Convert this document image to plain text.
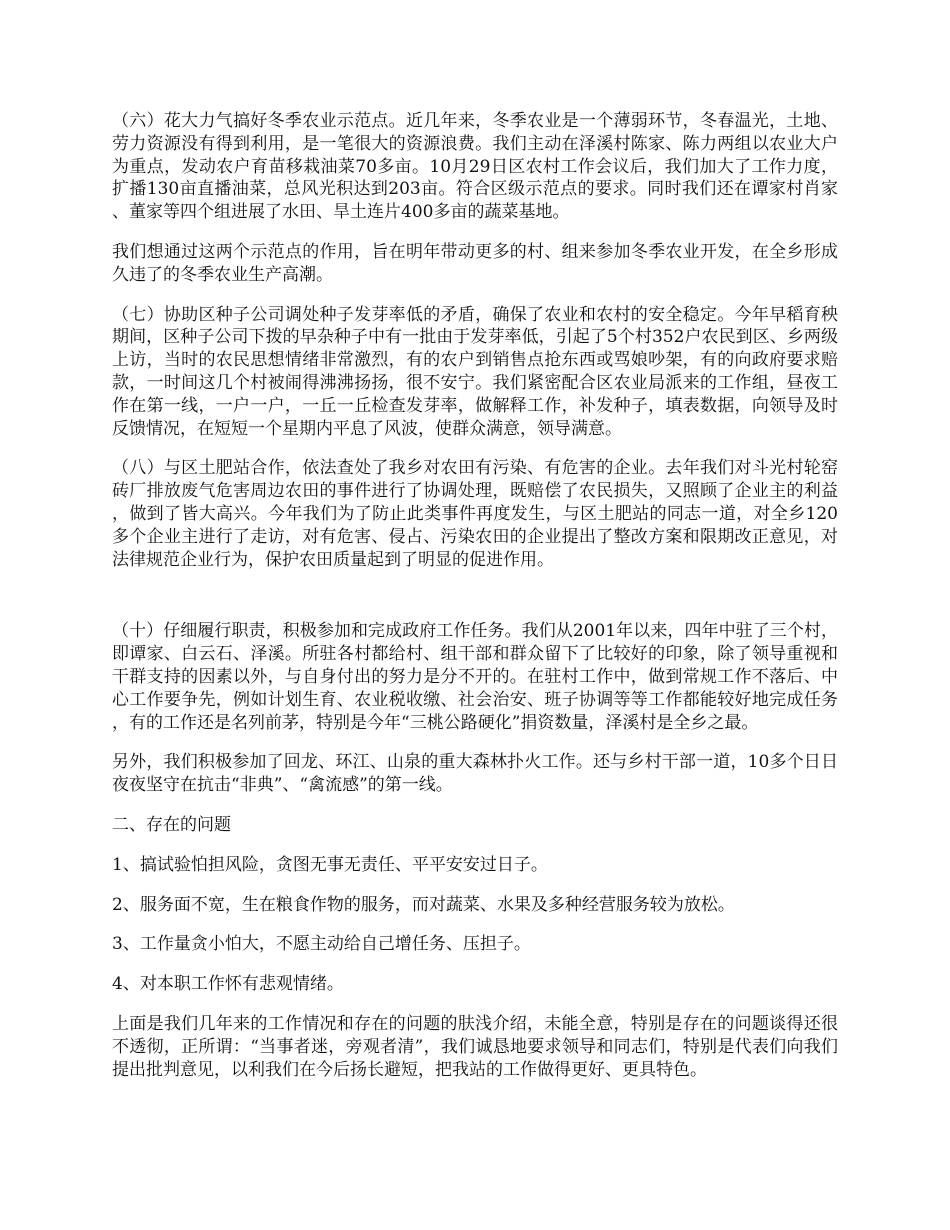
（六）花大力气搞好冬季农业示范点。近几年来，冬季农业是一个薄弱环节，冬春温光，土地、劳力资源没有得到利用，是一笔很大的资源浪费。我们主动在泽溪村陈家、陈力两组以农业大户为重点，发动农户育苗移栽油菜70多亩。10月29日区农村工作会议后，我们加大了工作力度，扩播130亩直播油菜，总风光积达到203亩。符合区级示范点的要求。同时我们还在谭家村肖家、董家等四个组进展了水田、旱土连片400多亩的蔬菜基地。

我们想通过这两个示范点的作用，旨在明年带动更多的村、组来参加冬季农业开发，在全乡形成久违了的冬季农业生产高潮。

（七）协助区种子公司调处种子发芽率低的矛盾，确保了农业和农村的安全稳定。今年早稻育秧期间，区种子公司下拨的早杂种子中有一批由于发芽率低，引起了5个村352户农民到区、乡两级上访，当时的农民思想情绪非常激烈，有的农户到销售点抢东西或骂娘吵架，有的向政府要求赔款，一时间这几个村被闹得沸沸扬扬，很不安宁。我们紧密配合区农业局派来的工作组，昼夜工作在第一线，一户一户，一丘一丘检查发芽率，做解释工作，补发种子，填表数据，向领导及时反馈情况，在短短一个星期内平息了风波，使群众满意，领导满意。

（八）与区土肥站合作，依法查处了我乡对农田有污染、有危害的企业。去年我们对斗光村轮窑砖厂排放废气危害周边农田的事件进行了协调处理，既赔偿了农民损失，又照顾了企业主的利益，做到了皆大高兴。今年我们为了防止此类事件再度发生，与区土肥站的同志一道，对全乡120多个企业主进行了走访，对有危害、侵占、污染农田的企业提出了整改方案和限期改正意见，对法律规范企业行为，保护农田质量起到了明显的促进作用。

（十）仔细履行职责，积极参加和完成政府工作任务。我们从2001年以来，四年中驻了三个村，即谭家、白云石、泽溪。所驻各村都给村、组干部和群众留下了比较好的印象，除了领导重视和干群支持的因素以外，与自身付出的努力是分不开的。在驻村工作中，做到常规工作不落后、中心工作要争先，例如计划生育、农业税收缴、社会治安、班子协调等等工作都能较好地完成任务，有的工作还是名列前茅，特别是今年“三桃公路硬化”捐资数量，泽溪村是全乡之最。

另外，我们积极参加了回龙、环江、山泉的重大森林扑火工作。还与乡村干部一道，10多个日日夜夜坚守在抗击“非典”、“禽流感”的第一线。

二、存在的问题

1、搞试验怕担风险，贪图无事无责任、平平安安过日子。

2、服务面不宽，生在粮食作物的服务，而对蔬菜、水果及多种经营服务较为放松。

3、工作量贪小怕大，不愿主动给自己增任务、压担子。

4、对本职工作怀有悲观情绪。

上面是我们几年来的工作情况和存在的问题的肤浅介绍，未能全意，特别是存在的问题谈得还很不透彻，正所谓：“当事者迷，旁观者清”，我们诚恳地要求领导和同志们，特别是代表们向我们提出批判意见，以利我们在今后扬长避短，把我站的工作做得更好、更具特色。
